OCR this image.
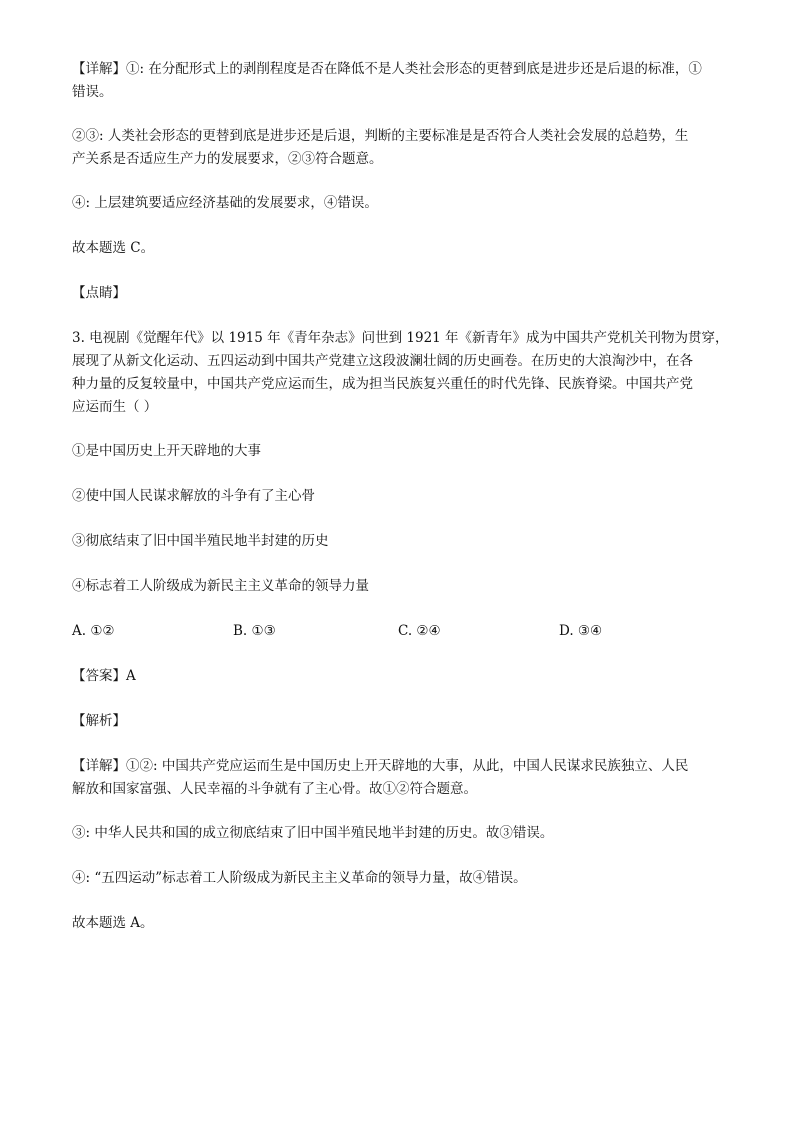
【详解】①: 在分配形式上的剥削程度是否在降低不是人类社会形态的更替到底是进步还是后退的标准，①

错误。

②③: 人类社会形态的更替到底是进步还是后退，判断的主要标准是是否符合人类社会发展的总趋势，生

产关系是否适应生产力的发展要求，②③符合题意。

④: 上层建筑要适应经济基础的发展要求，④错误。

故本题选 C。

【点睛】

3. 电视剧《觉醒年代》以 1915 年《青年杂志》问世到 1921 年《新青年》成为中国共产党机关刊物为贯穿，

展现了从新文化运动、五四运动到中国共产党建立这段波澜壮阔的历史画卷。在历史的大浪淘沙中，在各

种力量的反复较量中，中国共产党应运而生，成为担当民族复兴重任的时代先锋、民族脊梁。中国共产党

应运而生（ ）

①是中国历史上开天辟地的大事

②使中国人民谋求解放的斗争有了主心骨

③彻底结束了旧中国半殖民地半封建的历史

④标志着工人阶级成为新民主主义革命的领导力量

A. ①②	B. ①③	C. ②④	D. ③④

【答案】A

【解析】

【详解】①②: 中国共产党应运而生是中国历史上开天辟地的大事，从此，中国人民谋求民族独立、人民

解放和国家富强、人民幸福的斗争就有了主心骨。故①②符合题意。

③: 中华人民共和国的成立彻底结束了旧中国半殖民地半封建的历史。故③错误。

④: “五四运动”标志着工人阶级成为新民主主义革命的领导力量，故④错误。

故本题选 A。
